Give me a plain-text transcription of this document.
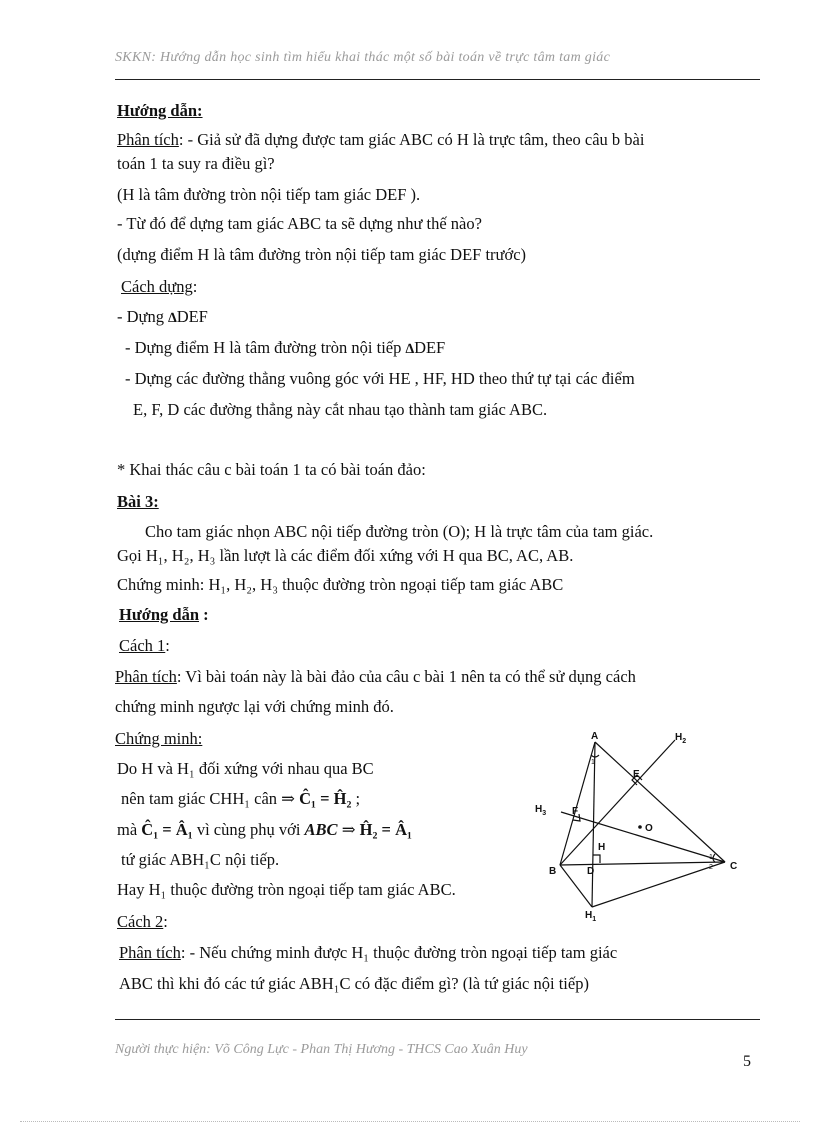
SKKN: Hướng dẫn học sinh tìm hiểu khai thác một số bài toán về trực tâm tam giác
Hướng dẫn:
Phân tích: - Giả sử đã dựng được tam giác ABC có H là trực tâm, theo câu b bài
toán 1 ta suy ra điều gì?
(H là tâm đường tròn nội tiếp tam giác DEF ).
- Từ đó để dựng tam giác ABC ta sẽ dựng như thế nào?
(dựng điểm H là tâm đường tròn nội tiếp tam giác DEF trước)
Cách dựng:
- Dựng ∆DEF
- Dựng điểm H là tâm đường tròn nội tiếp ∆DEF
- Dựng các đường thẳng vuông góc với HE , HF, HD theo thứ tự tại các điểm
E, F, D các đường thẳng này cắt nhau tạo thành tam giác ABC.
* Khai thác câu c bài toán 1 ta có bài toán đảo:
Bài 3:
Cho tam giác nhọn ABC nội tiếp đường tròn (O); H là trực tâm của tam giác.
Gọi H₁, H₂, H₃ lần lượt là các điểm đối xứng với H qua BC, AC, AB.
Chứng minh: H₁, H₂, H₃ thuộc đường tròn ngoại tiếp tam giác ABC
Hướng dẫn :
Cách 1:
Phân tích: Vì bài toán này là bài đảo của câu c bài 1 nên ta có thể sử dụng cách
chứng minh ngược lại với chứng minh đó.
Chứng minh:
Do H và H₁ đối xứng với nhau qua BC
nên tam giác CHH₁ cân ⇒ Ĉ₁ = Ĥ₂ ;
mà Ĉ₁ = Â₁ vì cùng phụ với ABC ⇒ Ĥ₂ = Â₁
tứ giác ABH₁C nội tiếp.
Hay H₁ thuộc đường tròn ngoại tiếp tam giác ABC.
Cách 2:
Phân tích: - Nếu chứng minh được H₁ thuộc đường tròn ngoại tiếp tam giác
ABC thì khi đó các tứ giác ABH₁C có đặc điểm gì? (là tứ giác nội tiếp)
A
B	C
D
E
F
H
O
$H_1$
$H_2$
$H_3$
1
1
2
Người thực hiện: Võ Công Lực - Phan Thị Hương - THCS Cao Xuân Huy
5
